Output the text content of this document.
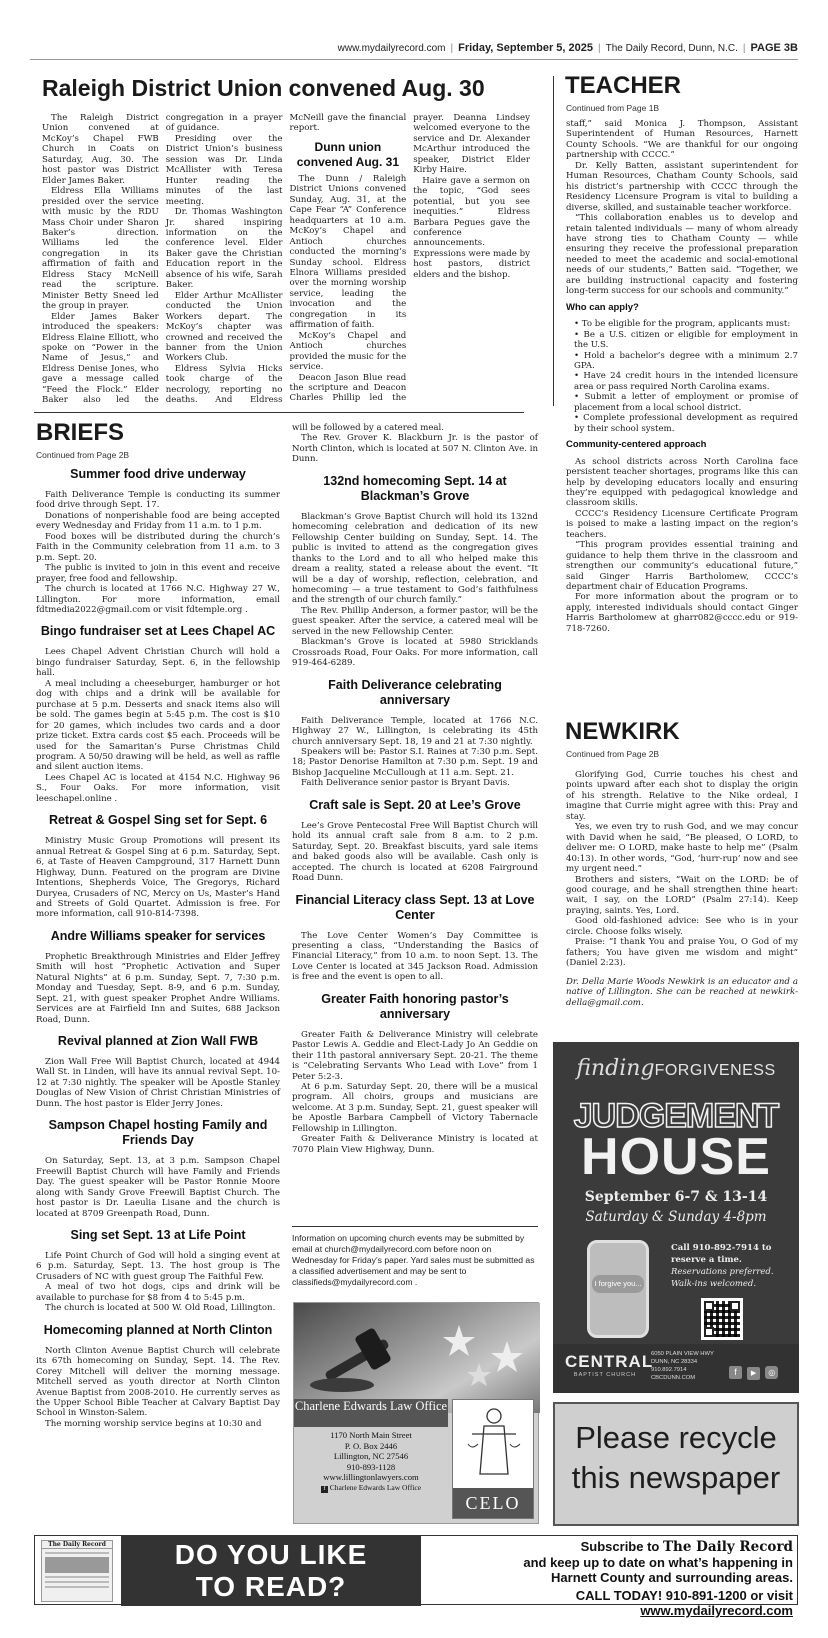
www.mydailyrecord.com | Friday, September 5, 2025 | The Daily Record, Dunn, N.C. | PAGE 3B
Raleigh District Union convened Aug. 30

The Raleigh District Union convened at McKoy’s Chapel FWB Church in Coats on Saturday, Aug. 30. The host pastor was District Elder James Baker.

Eldress Ella Williams presided over the service with music by the RDU Mass Choir under Sharon Baker’s direction. Williams led the congregation in its affirmation of faith and Eldress Stacy McNeill read the scripture. Minister Betty Sneed led the group in prayer.

Elder James Baker introduced the speakers: Eldress Elaine Elliott, who spoke on “Power in the Name of Jesus,” and Eldress Denise Jones, who gave a message called “Feed the Flock.” Elder Baker also led the congregation in a prayer of guidance.

Presiding over the District Union’s business session was Dr. Linda McAllister with Teresa Hunter reading the minutes of the last meeting.

Dr. Thomas Washington Jr. shared inspiring information on the conference level. Elder Baker gave the Christian Education report in the absence of his wife, Sarah Baker.

Elder Arthur McAllister conducted the Union Workers depart. The McKoy’s chapter was crowned and received the banner from the Union Workers Club.

Eldress Sylvia Hicks took charge of the necrology, reporting no deaths. And Eldress McNeill gave the financial report.

Dunn union convened Aug. 31

The Dunn / Raleigh District Unions convened Sunday, Aug. 31, at the Cape Fear “A” Conference headquarters at 10 a.m. McKoy’s Chapel and Antioch churches conducted the morning’s Sunday school. Eldress Elnora Williams presided over the morning worship service, leading the invocation and the congregation in its affirmation of faith.

McKoy’s Chapel and Antioch churches provided the music for the service.

Deacon Jason Blue read the scripture and Deacon Charles Phillip led the prayer. Deanna Lindsey welcomed everyone to the service and Dr. Alexander McArthur introduced the speaker, District Elder Kirby Haire.

Haire gave a sermon on the topic, “God sees potential, but you see inequities.” Eldress Barbara Pegues gave the conference announcements. Expressions were made by host pastors, district elders and the bishop.

TEACHER
Continued from Page 1B

staff,” said Monica J. Thompson, Assistant Superintendent of Human Resources, Harnett County Schools. “We are thankful for our ongoing partnership with CCCC.”

Dr. Kelly Batten, assistant superintendent for Human Resources, Chatham County Schools, said his district’s partnership with CCCC through the Residency Licensure Program is vital to building a diverse, skilled, and sustainable teacher workforce.

“This collaboration enables us to develop and retain talented individuals — many of whom already have strong ties to Chatham County — while ensuring they receive the professional preparation needed to meet the academic and social-emotional needs of our students,” Batten said. “Together, we are building instructional capacity and fostering long-term success for our schools and community.”

Who can apply?

• To be eligible for the program, applicants must:

• Be a U.S. citizen or eligible for employment in the U.S.

• Hold a bachelor’s degree with a minimum 2.7 GPA.

• Have 24 credit hours in the intended licensure area or pass required North Carolina exams.

• Submit a letter of employment or promise of placement from a local school district.

• Complete professional development as required by their school system.

Community-centered approach

As school districts across North Carolina face persistent teacher shortages, programs like this can help by developing educators locally and ensuring they’re equipped with pedagogical knowledge and classroom skills.

CCCC’s Residency Licensure Certificate Program is poised to make a lasting impact on the region’s teachers.

“This program provides essential training and guidance to help them thrive in the classroom and strengthen our community’s educational future,” said Ginger Harris Bartholomew, CCCC’s department chair of Education Programs.

For more information about the program or to apply, interested individuals should contact Ginger Harris Bartholomew at gharr082@cccc.edu or 919-718-7260.

NEWKIRK
Continued from Page 2B

Glorifying God, Currie touches his chest and points upward after each shot to display the origin of his strength. Relative to the Nike ordeal, I imagine that Currie might agree with this: Pray and stay.

Yes, we even try to rush God, and we may concur with David when he said, “Be pleased, O LORD, to deliver me: O LORD, make haste to help me” (Psalm 40:13). In other words, “God, ‘hurr-rup’ now and see my urgent need.”

Brothers and sisters, “Wait on the LORD: be of good courage, and he shall strengthen thine heart: wait, I say, on the LORD” (Psalm 27:14). Keep praying, saints. Yes, Lord.

Good old-fashioned advice: See who is in your circle. Choose folks wisely.

Praise: “I thank You and praise You, O God of my fathers; You have given me wisdom and might” (Daniel 2:23).

Dr. Della Marie Woods Newkirk is an educator and a native of Lillington. She can be reached at newkirk-della@gmail.com.

BRIEFS
Continued from Page 2B
Summer food drive underway

Faith Deliverance Temple is conducting its summer food drive through Sept. 17.

Donations of nonperishable food are being accepted every Wednesday and Friday from 11 a.m. to 1 p.m.

Food boxes will be distributed during the church’s Faith in the Community celebration from 11 a.m. to 3 p.m. Sept. 20.

The public is invited to join in this event and receive prayer, free food and fellowship.

The church is located at 1766 N.C. Highway 27 W., Lillington. For more information, email fdtmedia2022@gmail.com or visit fdtemple.org .

Bingo fundraiser set at Lees Chapel AC

Lees Chapel Advent Christian Church will hold a bingo fundraiser Saturday, Sept. 6, in the fellowship hall.

A meal including a cheeseburger, hamburger or hot dog with chips and a drink will be available for purchase at 5 p.m. Desserts and snack items also will be sold. The games begin at 5:45 p.m. The cost is $10 for 20 games, which includes two cards and a door prize ticket. Extra cards cost $5 each. Proceeds will be used for the Samaritan’s Purse Christmas Child program. A 50/50 drawing will be held, as well as raffle and silent auction items.

Lees Chapel AC is located at 4154 N.C. Highway 96 S., Four Oaks. For more information, visit leeschapel.online .

Retreat & Gospel Sing set for Sept. 6

Ministry Music Group Promotions will present its annual Retreat & Gospel Sing at 6 p.m. Saturday, Sept. 6, at Taste of Heaven Campground, 317 Harnett Dunn Highway, Dunn. Featured on the program are Divine Intentions, Shepherds Voice, The Gregorys, Richard Duryea, Crusaders of NC, Mercy on Us, Master’s Hand and Streets of Gold Quartet. Admission is free. For more information, call 910-814-7398.

Andre Williams speaker for services

Prophetic Breakthrough Ministries and Elder Jeffrey Smith will host “Prophetic Activation and Super Natural Nights” at 6 p.m. Sunday, Sept. 7, 7:30 p.m. Monday and Tuesday, Sept. 8-9, and 6 p.m. Sunday, Sept. 21, with guest speaker Prophet Andre Williams. Services are at Fairfield Inn and Suites, 688 Jackson Road, Dunn.

Revival planned at Zion Wall FWB

Zion Wall Free Will Baptist Church, located at 4944 Wall St. in Linden, will have its annual revival Sept. 10-12 at 7:30 nightly. The speaker will be Apostle Stanley Douglas of New Vision of Christ Christian Ministries of Dunn. The host pastor is Elder Jerry Jones.

Sampson Chapel hosting Family and Friends Day

On Saturday, Sept. 13, at 3 p.m. Sampson Chapel Freewill Baptist Church will have Family and Friends Day. The guest speaker will be Pastor Ronnie Moore along with Sandy Grove Freewill Baptist Church. The host pastor is Dr. Laeulia Lisane and the church is located at 8709 Greenpath Road, Dunn.

Sing set Sept. 13 at Life Point

Life Point Church of God will hold a singing event at 6 p.m. Saturday, Sept. 13. The host group is The Crusaders of NC with guest group The Faithful Few.

A meal of two hot dogs, cips and drink will be available to purchase for $8 from 4 to 5:45 p.m.

The church is located at 500 W. Old Road, Lillington.

Homecoming planned at North Clinton

North Clinton Avenue Baptist Church will celebrate its 67th homecoming on Sunday, Sept. 14. The Rev. Corey Mitchell will deliver the morning message. Mitchell served as youth director at North Clinton Avenue Baptist from 2008-2010. He currently serves as the Upper School Bible Teacher at Calvary Baptist Day School in Winston-Salem.

The morning worship service begins at 10:30 and

will be followed by a catered meal.

The Rev. Grover K. Blackburn Jr. is the pastor of North Clinton, which is located at 507 N. Clinton Ave. in Dunn.

132nd homecoming Sept. 14 at Blackman’s Grove

Blackman’s Grove Baptist Church will hold its 132nd homecoming celebration and dedication of its new Fellowship Center building on Sunday, Sept. 14. The public is invited to attend as the congregation gives thanks to the Lord and to all who helped make this dream a reality, stated a release about the event. “It will be a day of worship, reflection, celebration, and homecoming — a true testament to God’s faithfulness and the strength of our church family.”

The Rev. Phillip Anderson, a former pastor, will be the guest speaker. After the service, a catered meal will be served in the new Fellowship Center.

Blackman’s Grove is located at 5980 Stricklands Crossroads Road, Four Oaks. For more information, call 919-464-6289.

Faith Deliverance celebrating anniversary

Faith Deliverance Temple, located at 1766 N.C. Highway 27 W., Lillington, is celebrating its 45th church anniversary Sept. 18, 19 and 21 at 7:30 nightly.

Speakers will be: Pastor S.I. Raines at 7:30 p.m. Sept. 18; Pastor Denorise Hamilton at 7:30 p.m. Sept. 19 and Bishop Jacqueline McCullough at 11 a.m. Sept. 21.

Faith Deliverance senior pastor is Bryant Davis.

Craft sale is Sept. 20 at Lee’s Grove

Lee’s Grove Pentecostal Free Will Baptist Church will hold its annual craft sale from 8 a.m. to 2 p.m. Saturday, Sept. 20. Breakfast biscuits, yard sale items and baked goods also will be available. Cash only is accepted. The church is located at 6208 Fairground Road Dunn.

Financial Literacy class Sept. 13 at Love Center

The Love Center Women’s Day Committee is presenting a class, “Understanding the Basics of Financial Literacy,” from 10 a.m. to noon Sept. 13. The Love Center is located at 345 Jackson Road. Admission is free and the event is open to all.

Greater Faith honoring pastor’s anniversary

Greater Faith & Deliverance Ministry will celebrate Pastor Lewis A. Geddie and Elect-Lady Jo An Geddie on their 11th pastoral anniversary Sept. 20-21. The theme is “Celebrating Servants Who Lead with Love” from 1 Peter 5:2-3.

At 6 p.m. Saturday Sept. 20, there will be a musical program. All choirs, groups and musicians are welcome. At 3 p.m. Sunday, Sept. 21, guest speaker will be Apostle Barbara Campbell of Victory Tabernacle Fellowship in Lillington.

Greater Faith & Deliverance Ministry is located at 7070 Plain View Highway, Dunn.

Information on upcoming church events may be submitted by email at church@mydailyrecord.com before noon on Wednesday for Friday’s paper. Yard sales must be submitted as a classified advertisement and may be sent to classifieds@mydailyrecord.com .
Charlene Edwards Law Office
1170 North Main Street
P. O. Box 2446
Lillington, NC 27546
910-893-1128
www.lillingtonlawyers.com
f Charlene Edwards Law Office
CELO
findingFORGIVENESS
JUDGEMENT
HOUSE
September 6-7 & 13-14
Saturday & Sunday 4-8pm
I forgive you...
Call 910-892-7914 to reserve a time.
Reservations preferred.
Walk-ins welcomed.
CENTRAL
BAPTIST CHURCH
6050 PLAIN VIEW HWY
DUNN, NC 28334
910.892.7914
CBCDUNN.COM
f ▶ ◎
Please recycle
this newspaper
The Daily Record	DO YOU LIKE
TO READ?
Subscribe to The Daily Record
and keep up to date on what’s happening in
Harnett County and surrounding areas.
CALL TODAY! 910-891-1200 or visit www.mydailyrecord.com
